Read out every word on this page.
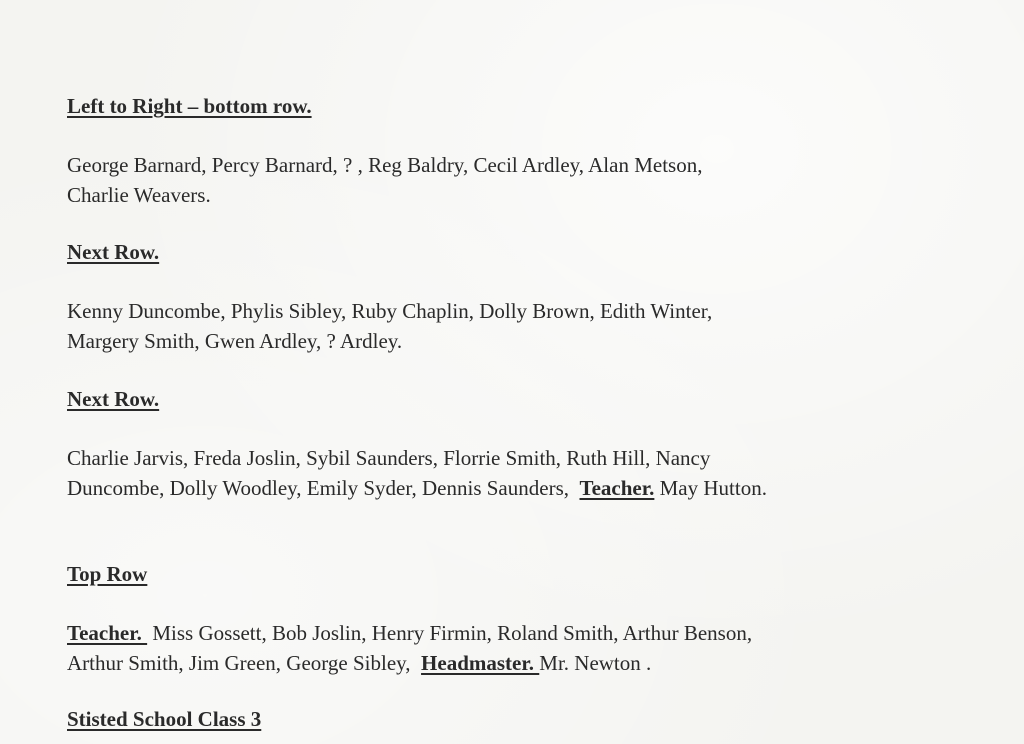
Left to Right – bottom row.

George Barnard, Percy Barnard, ? , Reg Baldry, Cecil Ardley, Alan Metson,
Charlie Weavers.

Next Row.

Kenny Duncombe, Phylis Sibley, Ruby Chaplin, Dolly Brown, Edith Winter,
Margery Smith, Gwen Ardley, ? Ardley.

Next Row.

Charlie Jarvis, Freda Joslin, Sybil Saunders, Florrie Smith, Ruth Hill, Nancy
Duncombe, Dolly Woodley, Emily Syder, Dennis Saunders,  Teacher. May Hutton.

Top Row

Teacher.  Miss Gossett, Bob Joslin, Henry Firmin, Roland Smith, Arthur Benson,
Arthur Smith, Jim Green, George Sibley,  Headmaster. Mr. Newton .

Stisted School Class 3
